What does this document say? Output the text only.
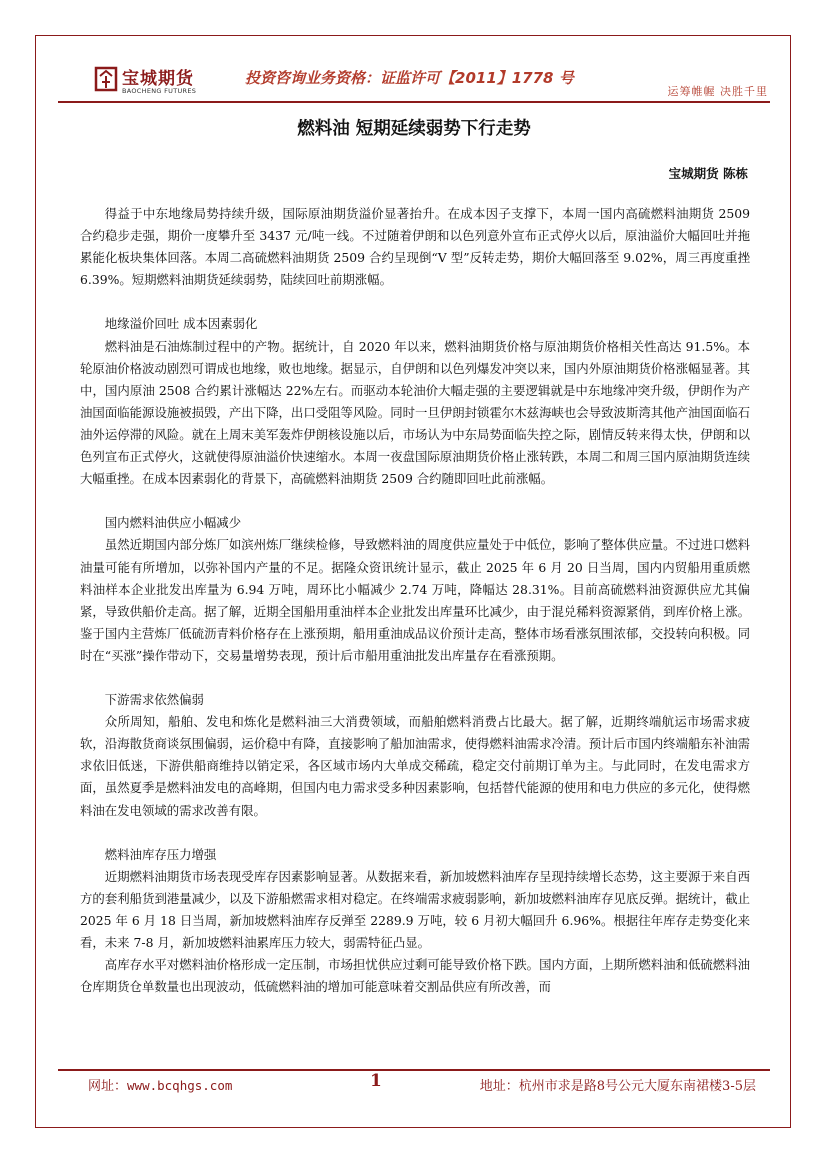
宝城期货
BAOCHENG FUTURES
投资咨询业务资格：证监许可【2011】1778 号
运筹帷幄 决胜千里
燃料油 短期延续弱势下行走势
宝城期货 陈栋

得益于中东地缘局势持续升级，国际原油期货溢价显著抬升。在成本因子支撑下，本周一国内高硫燃料油期货 2509 合约稳步走强，期价一度攀升至 3437 元/吨一线。不过随着伊朗和以色列意外宣布正式停火以后，原油溢价大幅回吐并拖累能化板块集体回落。本周二高硫燃料油期货 2509 合约呈现倒“V 型”反转走势，期价大幅回落至 9.02%，周三再度重挫 6.39%。短期燃料油期货延续弱势，陆续回吐前期涨幅。

地缘溢价回吐 成本因素弱化

燃料油是石油炼制过程中的产物。据统计，自 2020 年以来，燃料油期货价格与原油期货价格相关性高达 91.5%。本轮原油价格波动剧烈可谓成也地缘，败也地缘。据显示，自伊朗和以色列爆发冲突以来，国内外原油期货价格涨幅显著。其中，国内原油 2508 合约累计涨幅达 22%左右。而驱动本轮油价大幅走强的主要逻辑就是中东地缘冲突升级，伊朗作为产油国面临能源设施被损毁，产出下降，出口受阻等风险。同时一旦伊朗封锁霍尔木兹海峡也会导致波斯湾其他产油国面临石油外运停滞的风险。就在上周末美军轰炸伊朗核设施以后，市场认为中东局势面临失控之际，剧情反转来得太快，伊朗和以色列宣布正式停火，这就使得原油溢价快速缩水。本周一夜盘国际原油期货价格止涨转跌，本周二和周三国内原油期货连续大幅重挫。在成本因素弱化的背景下，高硫燃料油期货 2509 合约随即回吐此前涨幅。

国内燃料油供应小幅减少

虽然近期国内部分炼厂如滨州炼厂继续检修，导致燃料油的周度供应量处于中低位，影响了整体供应量。不过进口燃料油量可能有所增加，以弥补国内产量的不足。据隆众资讯统计显示，截止 2025 年 6 月 20 日当周，国内内贸船用重质燃料油样本企业批发出库量为 6.94 万吨，周环比小幅减少 2.74 万吨，降幅达 28.31%。目前高硫燃料油资源供应尤其偏紧，导致供船价走高。据了解，近期全国船用重油样本企业批发出库量环比减少，由于混兑稀料资源紧俏，到库价格上涨。鉴于国内主营炼厂低硫沥青料价格存在上涨预期，船用重油成品议价预计走高，整体市场看涨氛围浓郁，交投转向积极。同时在“买涨”操作带动下，交易量增势表现，预计后市船用重油批发出库量存在看涨预期。

下游需求依然偏弱

众所周知，船舶、发电和炼化是燃料油三大消费领域，而船舶燃料消费占比最大。据了解，近期终端航运市场需求疲软，沿海散货商谈氛围偏弱，运价稳中有降，直接影响了船加油需求，使得燃料油需求冷清。预计后市国内终端船东补油需求依旧低迷，下游供船商维持以销定采，各区域市场内大单成交稀疏，稳定交付前期订单为主。与此同时，在发电需求方面，虽然夏季是燃料油发电的高峰期，但国内电力需求受多种因素影响，包括替代能源的使用和电力供应的多元化，使得燃料油在发电领域的需求改善有限。

燃料油库存压力增强

近期燃料油期货市场表现受库存因素影响显著。从数据来看，新加坡燃料油库存呈现持续增长态势，这主要源于来自西方的套利船货到港量减少，以及下游船燃需求相对稳定。在终端需求疲弱影响，新加坡燃料油库存见底反弹。据统计，截止 2025 年 6 月 18 日当周，新加坡燃料油库存反弹至 2289.9 万吨，较 6 月初大幅回升 6.96%。根据往年库存走势变化来看，未来 7-8 月，新加坡燃料油累库压力较大，弱需特征凸显。

高库存水平对燃料油价格形成一定压制，市场担忧供应过剩可能导致价格下跌。国内方面，上期所燃料油和低硫燃料油仓库期货仓单数量也出现波动，低硫燃料油的增加可能意味着交割品供应有所改善，而

网址：www.bcqhgs.com	1	地址：杭州市求是路8号公元大厦东南裙楼3-5层
